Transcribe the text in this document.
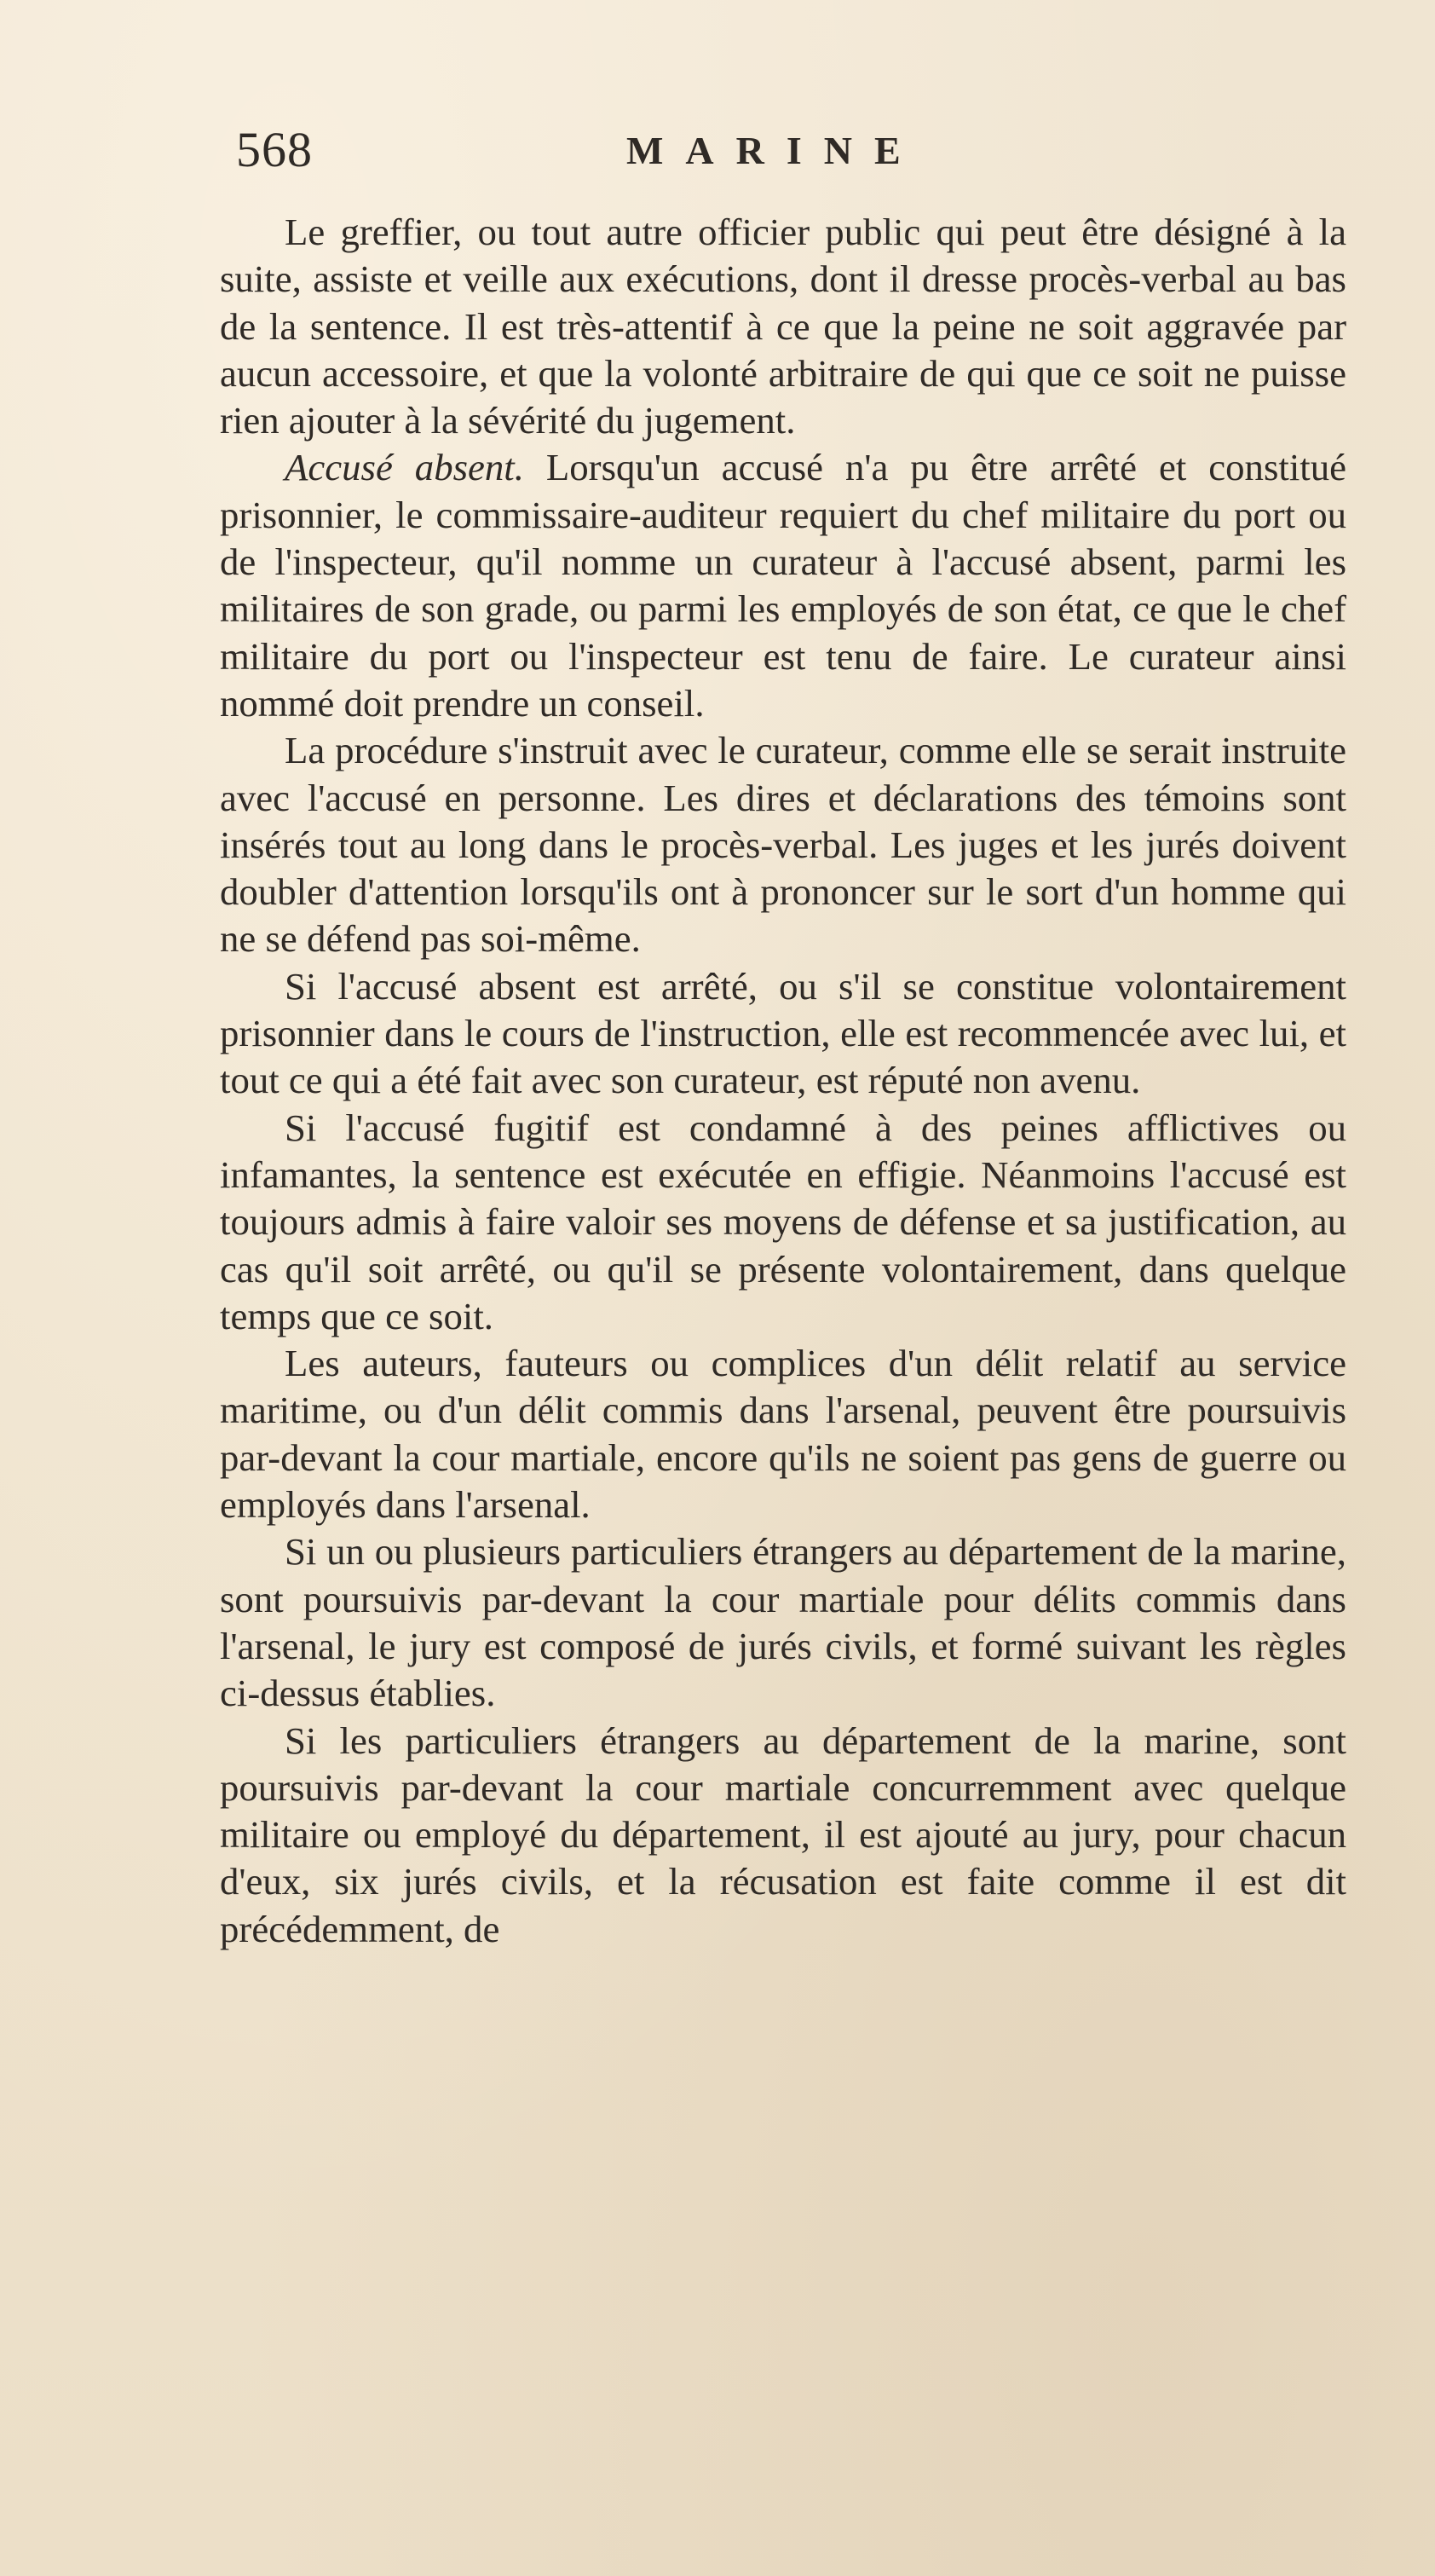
568	MARINE

Le greffier, ou tout autre officier public qui peut être désigné à la suite, assiste et veille aux exécutions, dont il dresse procès-verbal au bas de la sentence. Il est très-attentif à ce que la peine ne soit aggravée par aucun accessoire, et que la volonté arbitraire de qui que ce soit ne puisse rien ajouter à la sévérité du jugement.

Accusé absent. Lorsqu'un accusé n'a pu être arrêté et constitué prisonnier, le commissaire-auditeur requiert du chef militaire du port ou de l'inspecteur, qu'il nomme un curateur à l'accusé absent, parmi les militaires de son grade, ou parmi les employés de son état, ce que le chef militaire du port ou l'inspecteur est tenu de faire. Le curateur ainsi nommé doit prendre un conseil.

La procédure s'instruit avec le curateur, comme elle se serait instruite avec l'accusé en personne. Les dires et déclarations des témoins sont insérés tout au long dans le procès-verbal. Les juges et les jurés doivent doubler d'attention lorsqu'ils ont à prononcer sur le sort d'un homme qui ne se défend pas soi-même.

Si l'accusé absent est arrêté, ou s'il se constitue volontairement prisonnier dans le cours de l'instruction, elle est recommencée avec lui, et tout ce qui a été fait avec son curateur, est réputé non avenu.

Si l'accusé fugitif est condamné à des peines afflictives ou infamantes, la sentence est exécutée en effigie. Néanmoins l'accusé est toujours admis à faire valoir ses moyens de défense et sa justification, au cas qu'il soit arrêté, ou qu'il se présente volontairement, dans quelque temps que ce soit.

Les auteurs, fauteurs ou complices d'un délit relatif au service maritime, ou d'un délit commis dans l'arsenal, peuvent être poursuivis par-devant la cour martiale, encore qu'ils ne soient pas gens de guerre ou employés dans l'arsenal.

Si un ou plusieurs particuliers étrangers au département de la marine, sont poursuivis par-devant la cour martiale pour délits commis dans l'arsenal, le jury est composé de jurés civils, et formé suivant les règles ci-dessus établies.

Si les particuliers étrangers au département de la marine, sont poursuivis par-devant la cour martiale concurremment avec quelque militaire ou employé du département, il est ajouté au jury, pour chacun d'eux, six jurés civils, et la récusation est faite comme il est dit précédemment, de
